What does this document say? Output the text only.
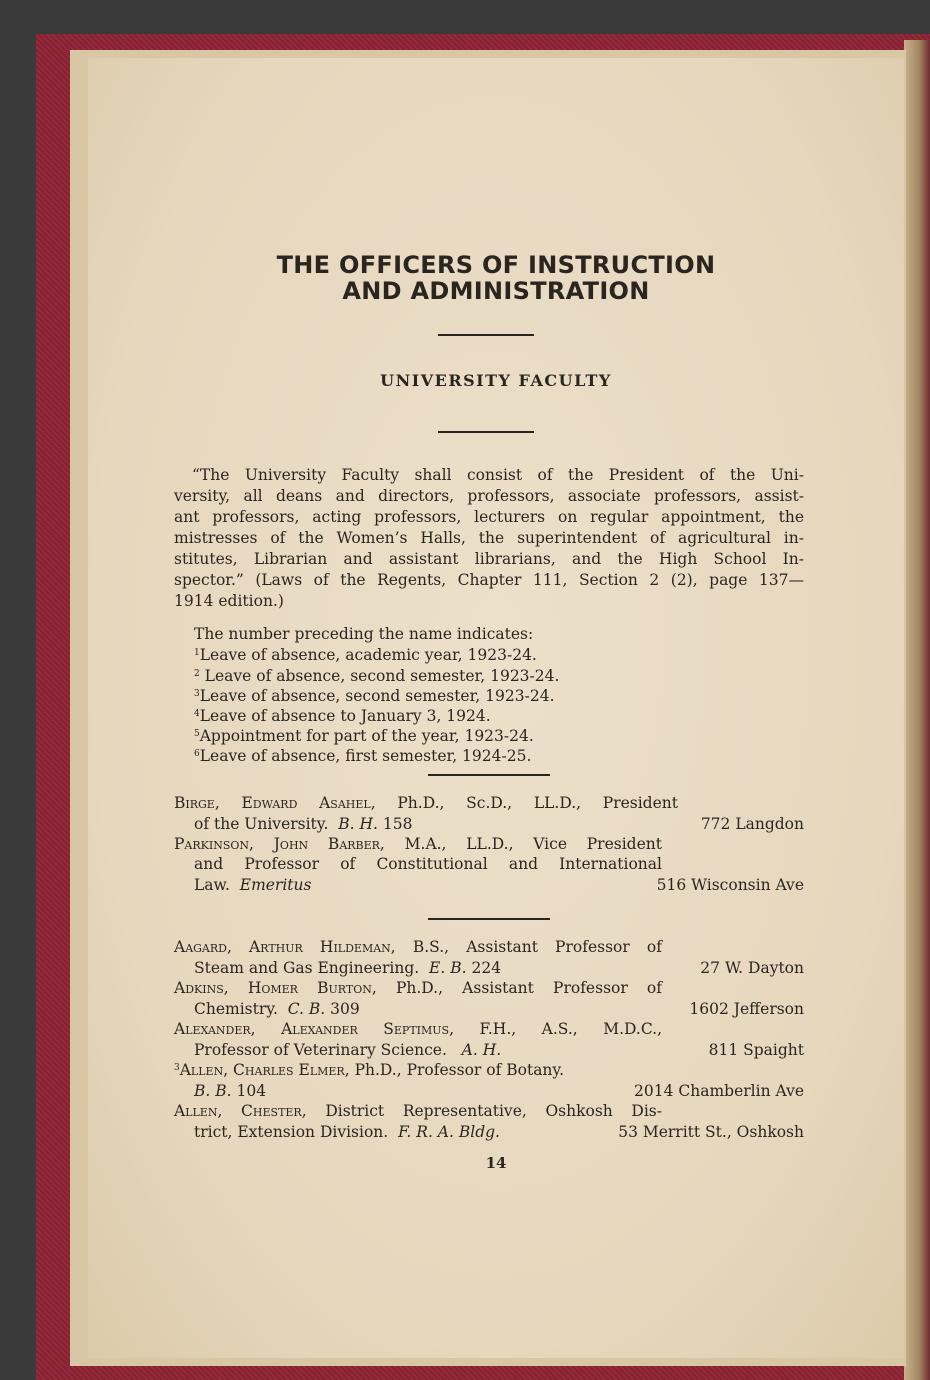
THE OFFICERS OF INSTRUCTION
AND ADMINISTRATION
UNIVERSITY FACULTY
“The University Faculty shall consist of the President of the Uni-
versity, all deans and directors, professors, associate professors, assist-
ant professors, acting professors, lecturers on regular appointment, the
mistresses of the Women’s Halls, the superintendent of agricultural in-
stitutes, Librarian and assistant librarians, and the High School In-
spector.” (Laws of the Regents, Chapter 111, Section 2 (2), page 137—
1914 edition.)
The number preceding the name indicates:
$^1$Leave of absence, academic year, 1923-24.
$^2$ Leave of absence, second semester, 1923-24.
$^3$Leave of absence, second semester, 1923-24.
$^4$Leave of absence to January 3, 1924.
$^5$Appointment for part of the year, 1923-24.
$^6$Leave of absence, first semester, 1924-25.
Birge, Edward Asahel, Ph.D., Sc.D., LL.D., President
of the University. B. H. 158	772 Langdon
Parkinson, John Barber, M.A., LL.D., Vice President
and Professor of Constitutional and International
Law. Emeritus	516 Wisconsin Ave
Aagard, Arthur Hildeman, B.S., Assistant Professor of
Steam and Gas Engineering. E. B. 224	27 W. Dayton
Adkins, Homer Burton, Ph.D., Assistant Professor of
Chemistry. C. B. 309	1602 Jefferson
Alexander, Alexander Septimus, F.H., A.S., M.D.C.,
Professor of Veterinary Science. A. H.	811 Spaight
$^3$Allen, Charles Elmer, Ph.D., Professor of Botany.
B. B. 104	2014 Chamberlin Ave
Allen, Chester, District Representative, Oshkosh Dis-
trict, Extension Division. F. R. A. Bldg.	53 Merritt St., Oshkosh
14
